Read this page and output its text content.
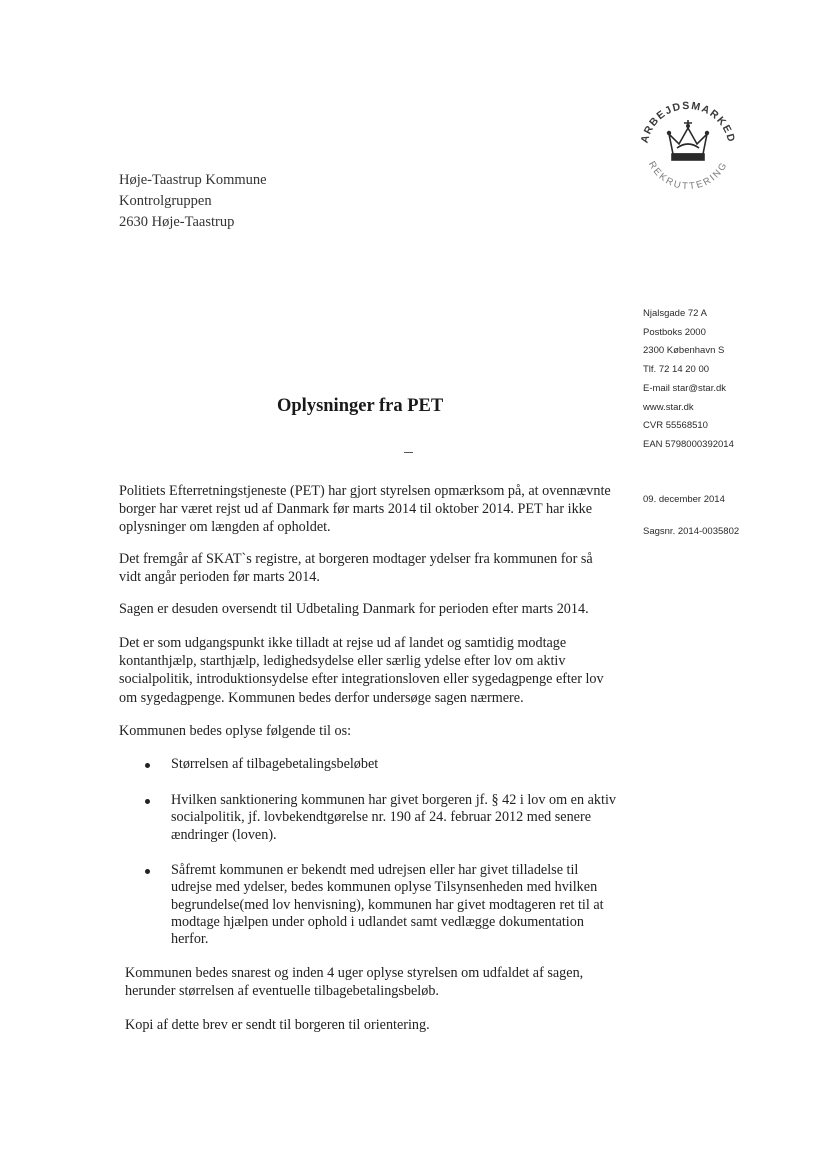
ARBEJDSMARKED
REKRUTTERING
Høje-Taastrup Kommune
Kontrolgruppen
2630 Høje-Taastrup
Njalsgade 72 A
Postboks 2000
2300 København S
Tlf. 72 14 20 00
E-mail star@star.dk
www.star.dk
CVR 55568510
EAN 5798000392014
09. december 2014
Sagsnr. 2014-0035802
Oplysninger fra PET

Politiets Efterretningstjeneste (PET) har gjort styrelsen opmærksom på, at ovennævnte borger har været rejst ud af Danmark før marts 2014 til oktober 2014. PET har ikke oplysninger om længden af opholdet.

Det fremgår af SKAT`s registre, at borgeren modtager ydelser fra kommunen for så vidt angår perioden før marts 2014.

Sagen er desuden oversendt til Udbetaling Danmark for perioden efter marts 2014.

Det er som udgangspunkt ikke tilladt at rejse ud af landet og samtidig modtage kontanthjælp, starthjælp, ledighedsydelse eller særlig ydelse efter lov om aktiv socialpolitik, introduktionsydelse efter integrationsloven eller sygedagpenge efter lov om sygedagpenge. Kommunen bedes derfor undersøge sagen nærmere.

Kommunen bedes oplyse følgende til os:

Størrelsen af tilbagebetalingsbeløbet
Hvilken sanktionering kommunen har givet borgeren jf. § 42 i lov om en aktiv socialpolitik, jf. lovbekendtgørelse nr. 190 af 24. februar 2012 med senere ændringer (loven).
Såfremt kommunen er bekendt med udrejsen eller har givet tilladelse til udrejse med ydelser, bedes kommunen oplyse Tilsynsenheden med hvilken begrundelse(med lov henvisning), kommunen har givet modtageren ret til at modtage hjælpen under ophold i udlandet samt vedlægge dokumentation herfor.

Kommunen bedes snarest og inden 4 uger oplyse styrelsen om udfaldet af sagen, herunder størrelsen af eventuelle tilbagebetalingsbeløb.

Kopi af dette brev er sendt til borgeren til orientering.
